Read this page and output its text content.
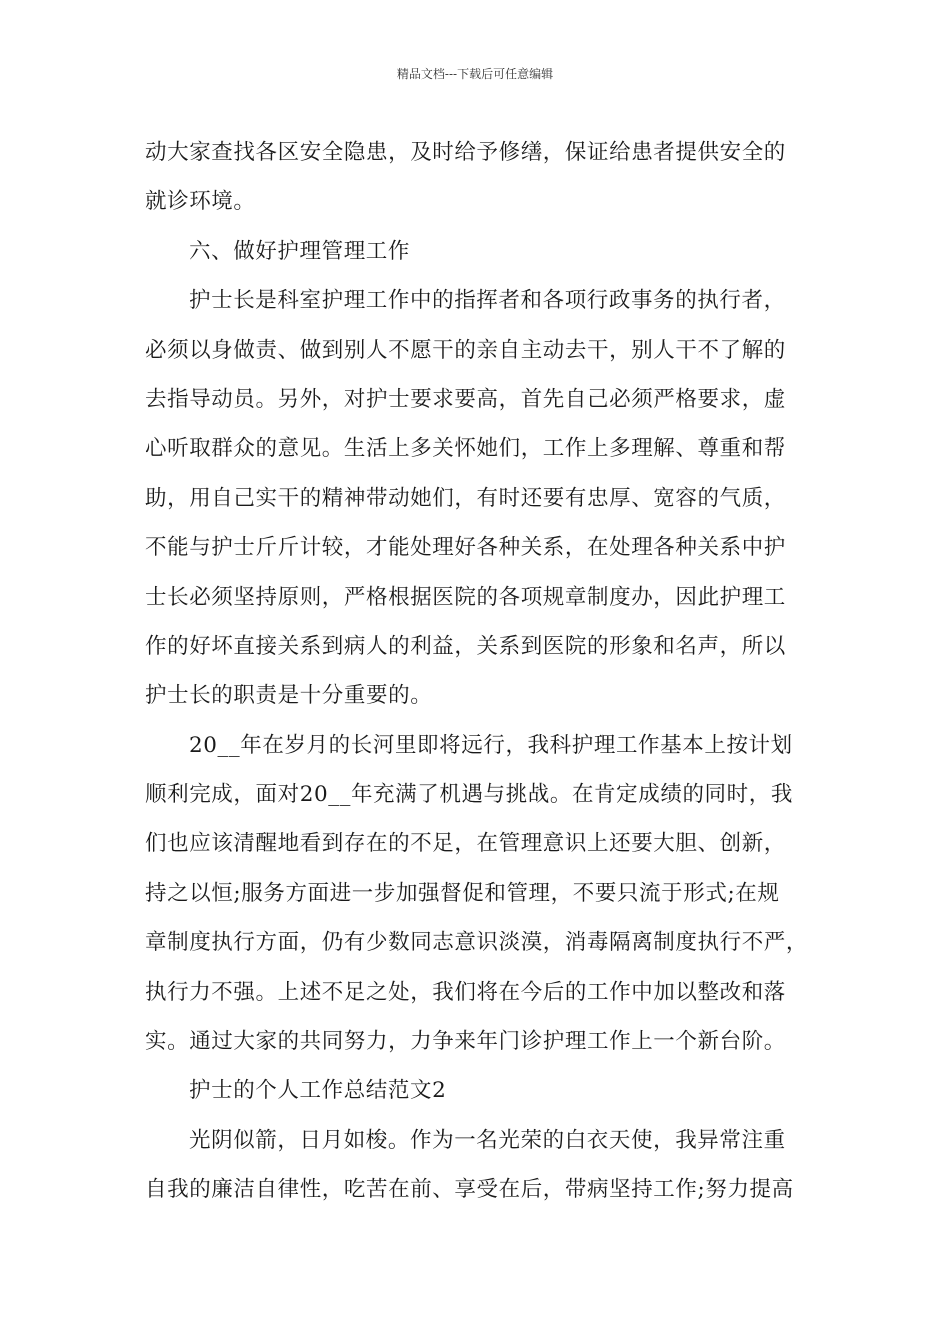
精品文档---下载后可任意编辑
动大家查找各区安全隐患，及时给予修缮，保证给患者提供安全的
就诊环境。
六、做好护理管理工作
护士长是科室护理工作中的指挥者和各项行政事务的执行者，
必须以身做责、做到别人不愿干的亲自主动去干，别人干不了解的
去指导动员。另外，对护士要求要高，首先自己必须严格要求，虚
心听取群众的意见。生活上多关怀她们，工作上多理解、尊重和帮
助，用自己实干的精神带动她们，有时还要有忠厚、宽容的气质，
不能与护士斤斤计较，才能处理好各种关系，在处理各种关系中护
士长必须坚持原则，严格根据医院的各项规章制度办，因此护理工
作的好坏直接关系到病人的利益，关系到医院的形象和名声，所以
护士长的职责是十分重要的。
20__年在岁月的长河里即将远行，我科护理工作基本上按计划
顺利完成，面对20__年充满了机遇与挑战。在肯定成绩的同时，我
们也应该清醒地看到存在的不足，在管理意识上还要大胆、创新，
持之以恒;服务方面进一步加强督促和管理，不要只流于形式;在规
章制度执行方面，仍有少数同志意识淡漠，消毒隔离制度执行不严，
执行力不强。上述不足之处，我们将在今后的工作中加以整改和落
实。通过大家的共同努力，力争来年门诊护理工作上一个新台阶。
护士的个人工作总结范文2
光阴似箭，日月如梭。作为一名光荣的白衣天使，我异常注重
自我的廉洁自律性，吃苦在前、享受在后，带病坚持工作;努力提高
